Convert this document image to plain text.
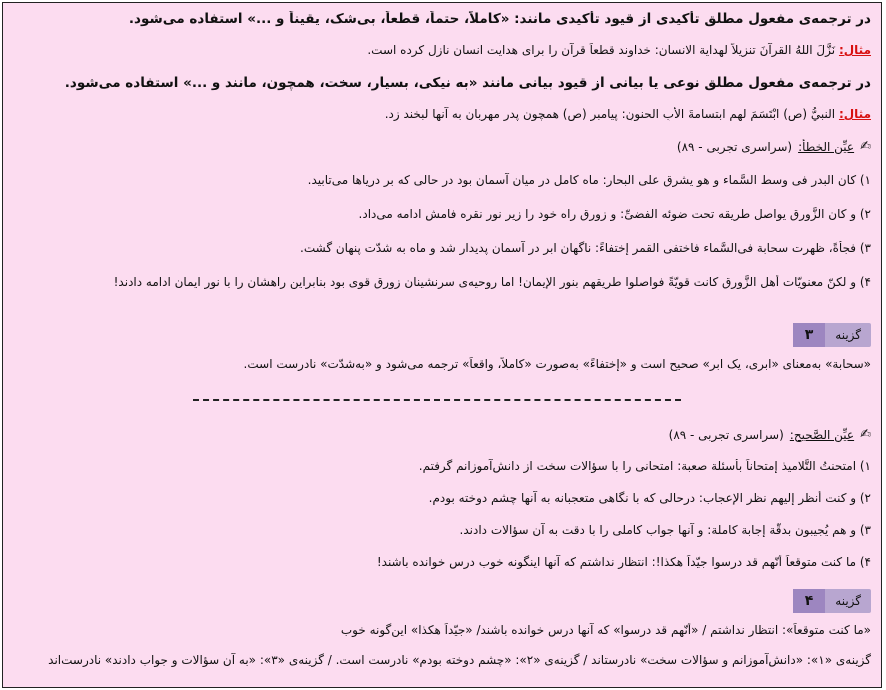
در ترجمه‌ی مفعول مطلق تأکیدی از قیود تأکیدی مانند: «کاملاً، حتماً، قطعاً، بی‌شک، یقیناً و ...» استفاده می‌شود.
مثال: نَزَّلَ اللهُ القرآنَ تنزيلاً لهداية الانسان: خداوند قطعاً قرآن را برای هدایت انسان نازل کرده است.
در ترجمه‌ی مفعول مطلق نوعی یا بیانی از قیود بیانی مانند «به نیکی، بسیار، سخت، همچون، مانند و ...» استفاده می‌شود.
مثال: النبيُّ (ص) ابْتَسَمَ لهم ابتسامةَ الأبِ الحنونِ: پیامبر (ص) همچون پدر مهربان به آنها لبخند زد.
✍
عیِّن الخطأ:
(سراسری تجربی - ۸۹)
۱) کان البدر فی وسط السَّماء و هو یشرق علی البحار: ماه کامل در میان آسمان بود در حالی که بر دریاها می‌تابید.
۲) و کان الزَّورق یواصل طریقه تحت ضوئه الفضیِّ: و زورق راه خود را زیر نور نقره فامش ادامه می‌داد.
۳) فجأةً، ظهرت سحابة فی‌السَّماء فاختفی القمر إختفاءً: ناگهان ابر در آسمان پدیدار شد و ماه به شدّت پنهان گشت.
۴) و لکنّ معنویّات أهل الزَّورق کانت قویّةً فواصلوا طریقهم بنور الإیمان! اما روحیه‌ی سرنشینان زورق قوی بود بنابراین راهشان را با نور ایمان ادامه دادند!
گزینه
۳
«سحابة» به‌معنای «ابری، یک ابر» صحیح است و «إختفاءً» به‌صورت «کاملاً، واقعاً» ترجمه می‌شود و «به‌شدّت» نادرست است.
✍
عیِّن الصَّحیح:
(سراسری تجربی - ۸۹)
۱) امتحنتُ التَّلامیذ إمتحاناً بأسئلة صعبة: امتحانی را با سؤالات سخت از دانش‌آموزانم گرفتم.
۲) و کنت أنظر إلیهم نظر الإعجاب: درحالی که با نگاهی متعجبانه به آنها چشم دوخته بودم.
۳) و هم یُجیبون بدقّة إجابة کاملة: و آنها جواب کاملی را با دقت به آن سؤالات دادند.
۴) ما کنت متوقعاً أنّهم قد درسوا جیّداً هکذا!: انتظار نداشتم که آنها اینگونه خوب درس خوانده باشند!
گزینه
۴
«ما کنت متوقعاً»: انتظار نداشتم / «أنّهم قد درسوا» که آنها درس خوانده باشند/ «جیّداً هکذا» این‌گونه خوب
گزینه‌ی «۱»: «دانش‌آموزانم و سؤالات سخت» نادرستاند / گزینه‌ی «۲»: «چشم دوخته بودم» نادرست است. / گزینه‌ی «۳»: «به آن سؤالات و جواب دادند» نادرست‌اند
